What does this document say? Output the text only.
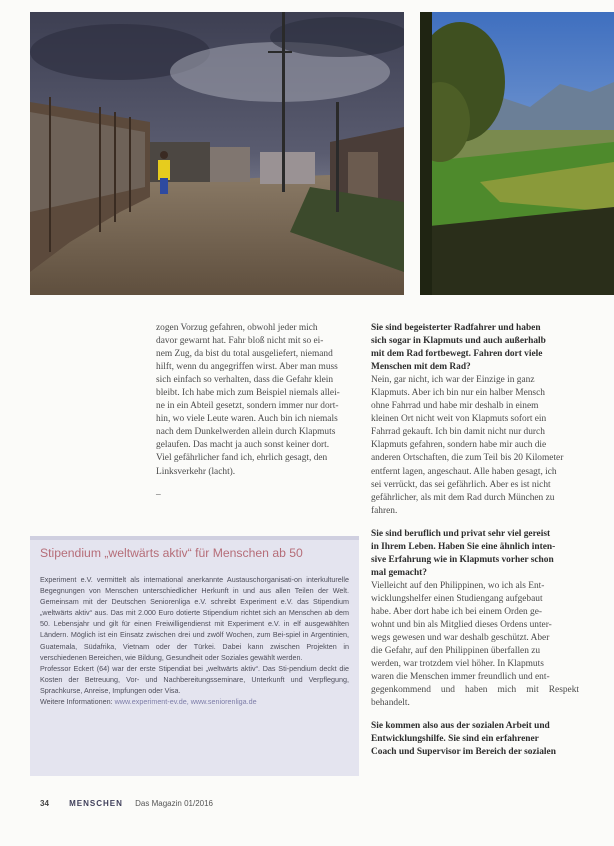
zogen Vorzug gefahren, obwohl jeder mich

davor gewarnt hat. Fahr bloß nicht mit so ei-

nem Zug, da bist du total ausgeliefert, niemand

hilft, wenn du angegriffen wirst. Aber man muss

sich einfach so verhalten, dass die Gefahr klein

bleibt. Ich habe mich zum Beispiel niemals allei-

ne in ein Abteil gesetzt, sondern immer nur dort-

hin, wo viele Leute waren. Auch bin ich niemals

nach dem Dunkelwerden allein durch Klapmuts

gelaufen. Das macht ja auch sonst keiner dort.

Viel gefährlicher fand ich, ehrlich gesagt, den

Linksverkehr (lacht).

–

Sie sind begeisterter Radfahrer und haben

sich sogar in Klapmuts und auch außerhalb

mit dem Rad fortbewegt. Fahren dort viele

Menschen mit dem Rad?

Nein, gar nicht, ich war der Einzige in ganz

Klapmuts. Aber ich bin nur ein halber Mensch

ohne Fahrrad und habe mir deshalb in einem

kleinen Ort nicht weit von Klapmuts sofort ein

Fahrrad gekauft. Ich bin damit nicht nur durch

Klapmuts gefahren, sondern habe mir auch die

anderen Ortschaften, die zum Teil bis 20 Kilometer

entfernt lagen, angeschaut. Alle haben gesagt, ich

sei verrückt, das sei gefährlich. Aber es ist nicht

gefährlicher, als mit dem Rad durch München zu

fahren.

Sie sind beruflich und privat sehr viel gereist

in Ihrem Leben. Haben Sie eine ähnlich inten-

sive Erfahrung wie in Klapmuts vorher schon

mal gemacht?

Vielleicht auf den Philippinen, wo ich als Ent-

wicklungshelfer einen Studiengang aufgebaut

habe. Aber dort habe ich bei einem Orden ge-

wohnt und bin als Mitglied dieses Ordens unter-

wegs gewesen und war deshalb geschützt. Aber

die Gefahr, auf den Philippinen überfallen zu

werden, war trotzdem viel höher. In Klapmuts

waren die Menschen immer freundlich und ent-

gegenkommend und haben mich mit Respekt behandelt.

Sie kommen also aus der sozialen Arbeit und

Entwicklungshilfe. Sie sind ein erfahrener

Coach und Supervisor im Bereich der sozialen

Stipendium „weltwärts aktiv“ für Menschen ab 50

Experiment e.V. vermittelt als international anerkannte Austauschorganisati-on interkulturelle Begegnungen von Menschen unterschiedlicher Herkunft in und aus allen Teilen der Welt. Gemeinsam mit der Deutschen Seniorenliga e.V. schreibt Experiment e.V. das Stipendium „weltwärts aktiv“ aus. Das mit 2.000 Euro dotierte Stipendium richtet sich an Menschen ab dem 50. Lebensjahr und gilt für einen Freiwilligendienst mit Experiment e.V. in elf ausgewählten Ländern. Möglich ist ein Einsatz zwischen drei und zwölf Wochen, zum Bei-spiel in Argentinien, Guatemala, Südafrika, Vietnam oder der Türkei. Dabei kann zwischen Projekten in verschiedenen Bereichen, wie Bildung, Gesundheit oder Soziales gewählt werden.

Professor Eckert (64) war der erste Stipendiat bei „weltwärts aktiv“. Das Sti-pendium deckt die Kosten der Betreuung, Vor- und Nachbereitungsseminare, Unterkunft und Verpflegung, Sprachkurse, Anreise, Impfungen oder Visa.

Weitere Informationen: www.experiment-ev.de, www.seniorenliga.de

34	MENSCHEN Das Magazin 01/2016
